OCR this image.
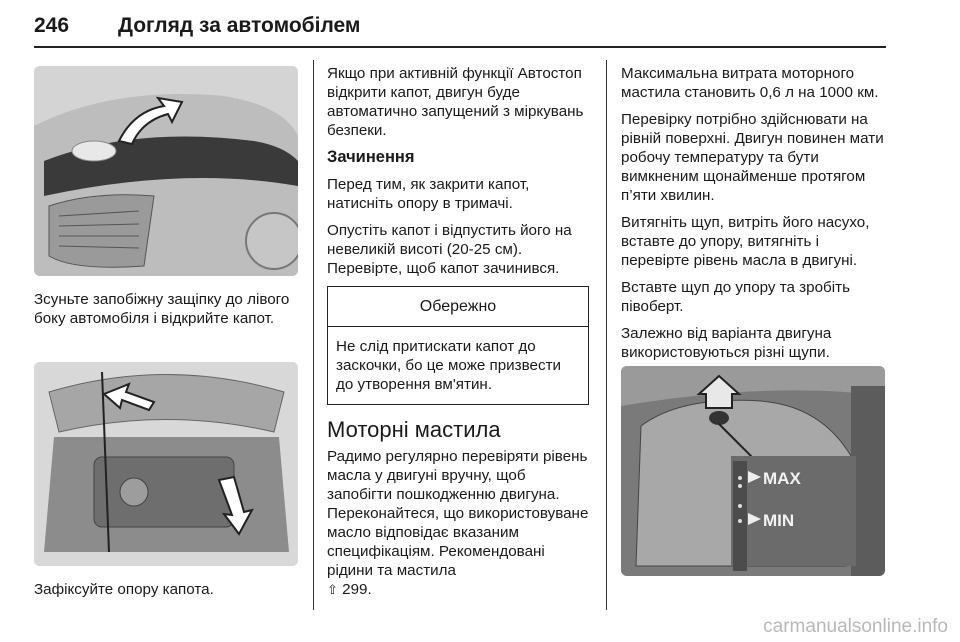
246 Догляд за автомобілем

Зсуньте запобіжну защіпку до лівого боку автомобіля і відкрийте капот.

Зафіксуйте опору капота.

Якщо при активній функції Автостоп відкрити капот, двигун буде автоматично запущений з міркувань безпеки.

Зачинення

Перед тим, як закрити капот, натисніть опору в тримачі.

Опустіть капот і відпустить його на невеликій висоті (20-25 см). Перевірте, щоб капот зачинився.

Обережно
Не слід притискати капот до заскочки, бо це може призвести до утворення вм'ятин.
Моторні мастила

Радимо регулярно перевіряти рівень масла у двигуні вручну, щоб запобігти пошкодженню двигуна. Переконайтеся, що використовуване масло відповідає вказаним специфікаціям. Рекомендовані рідини та мастила
⇧ 299.

Максимальна витрата моторного мастила становить 0,6 л на 1000 км.

Перевірку потрібно здійснювати на рівній поверхні. Двигун повинен мати робочу температуру та бути вимкненим щонайменше протягом п’яти хвилин.

Витягніть щуп, витріть його насухо, вставте до упору, витягніть і перевірте рівень масла в двигуні.

Вставте щуп до упору та зробіть півоберт.

Залежно від варіанта двигуна використовуються різні щупи.

MAX
MIN
carmanualsonline.info
